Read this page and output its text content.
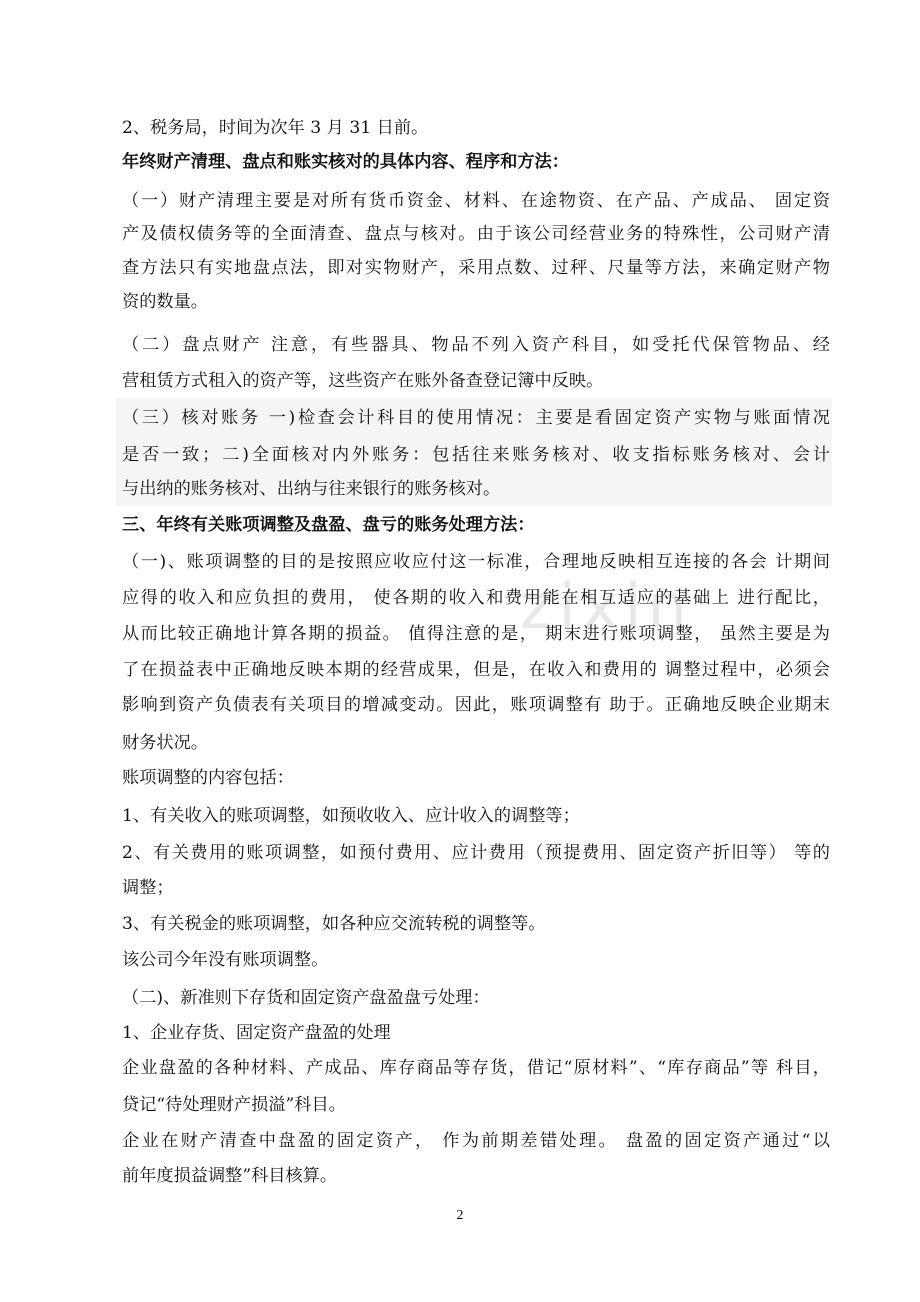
zixin
2、税务局，时间为次年 3 月 31 日前。
年终财产清理、盘点和账实核对的具体内容、程序和方法：
（一）财产清理主要是对所有货币资金、材料、在途物资、在产品、产成品、 固定资
产及债权债务等的全面清查、盘点与核对。由于该公司经营业务的特殊性，公司财产清
查方法只有实地盘点法，即对实物财产，采用点数、过秤、尺量等方法，来确定财产物
资的数量。
（二）盘点财产 注意，有些器具、物品不列入资产科目，如受托代保管物品、经
营租赁方式租入的资产等，这些资产在账外备查登记簿中反映。
（三）核对账务 一)检查会计科目的使用情况：主要是看固定资产实物与账面情况
是否一致；二)全面核对内外账务：包括往来账务核对、收支指标账务核对、会计
与出纳的账务核对、出纳与往来银行的账务核对。
三、年终有关账项调整及盘盈、盘亏的账务处理方法：
（一)、账项调整的目的是按照应收应付这一标准，合理地反映相互连接的各会 计期间
应得的收入和应负担的费用， 使各期的收入和费用能在相互适应的基础上 进行配比，
从而比较正确地计算各期的损益。 值得注意的是， 期末进行账项调整， 虽然主要是为
了在损益表中正确地反映本期的经营成果，但是，在收入和费用的 调整过程中，必须会
影响到资产负债表有关项目的增减变动。因此，账项调整有 助于。正确地反映企业期末
财务状况。
账项调整的内容包括：
1、有关收入的账项调整，如预收收入、应计收入的调整等；
2、有关费用的账项调整，如预付费用、应计费用（预提费用、固定资产折旧等） 等的
调整；
3、有关税金的账项调整，如各种应交流转税的调整等。
该公司今年没有账项调整。
（二)、新准则下存货和固定资产盘盈盘亏处理：
1、企业存货、固定资产盘盈的处理
企业盘盈的各种材料、产成品、库存商品等存货，借记“原材料”、“库存商品”等 科目，
贷记“待处理财产损溢”科目。
企业在财产清查中盘盈的固定资产， 作为前期差错处理。 盘盈的固定资产通过“以
前年度损益调整”科目核算。
2
